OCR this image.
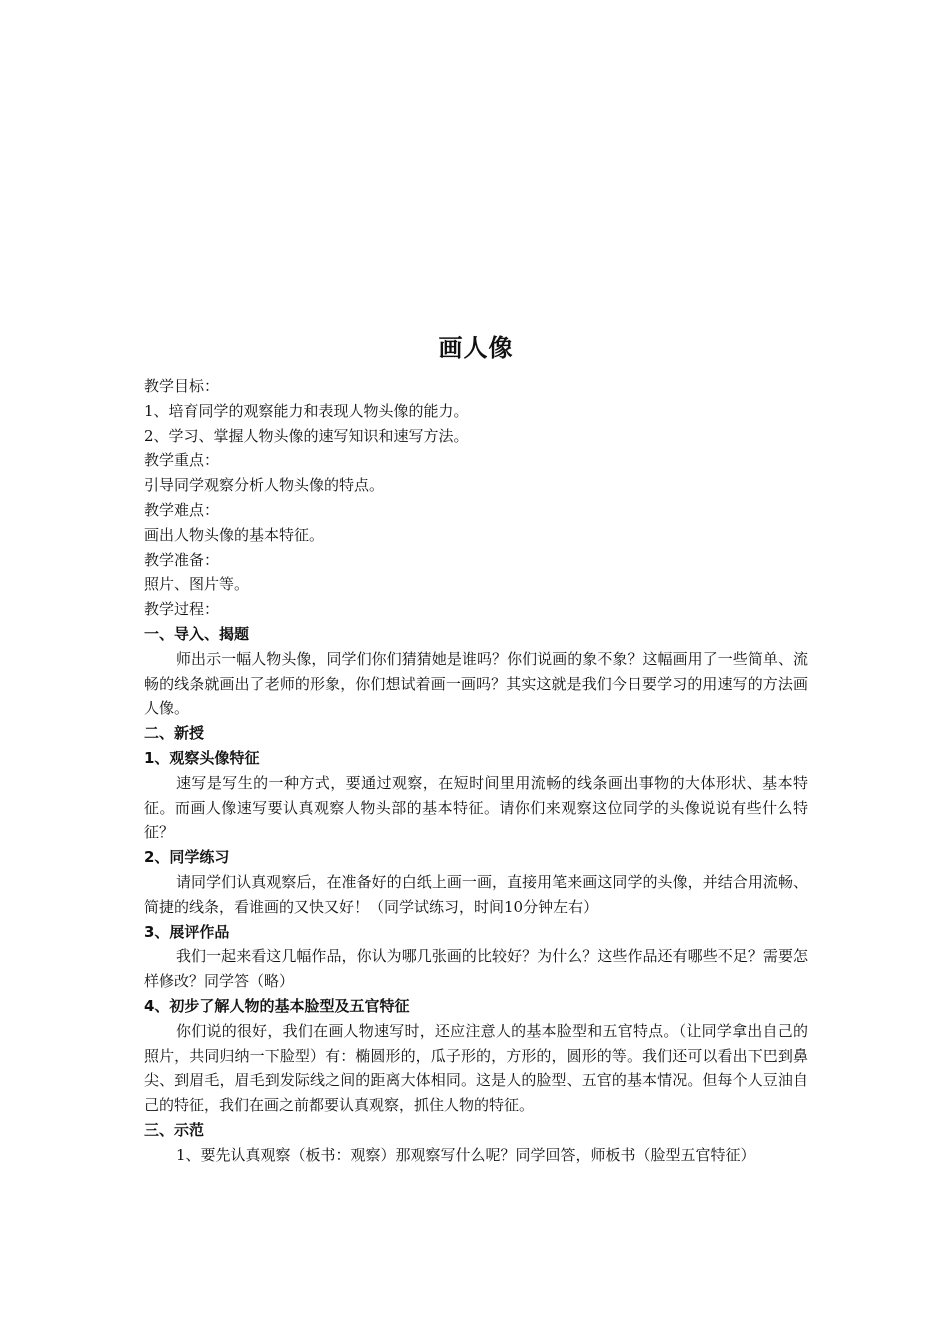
画人像

教学目标：

1、培育同学的观察能力和表现人物头像的能力。

2、学习、掌握人物头像的速写知识和速写方法。

教学重点：

引导同学观察分析人物头像的特点。

教学难点：

画出人物头像的基本特征。

教学准备：

照片、图片等。

教学过程：

一、导入、揭题

师出示一幅人物头像，同学们你们猜猜她是谁吗？你们说画的象不象？这幅画用了一些简单、流畅的线条就画出了老师的形象，你们想试着画一画吗？其实这就是我们今日要学习的用速写的方法画人像。

二、新授

1、观察头像特征

速写是写生的一种方式，要通过观察，在短时间里用流畅的线条画出事物的大体形状、基本特征。而画人像速写要认真观察人物头部的基本特征。请你们来观察这位同学的头像说说有些什么特征？

2、同学练习

请同学们认真观察后，在准备好的白纸上画一画，直接用笔来画这同学的头像，并结合用流畅、简捷的线条，看谁画的又快又好！（同学试练习，时间10分钟左右）

3、展评作品

我们一起来看这几幅作品，你认为哪几张画的比较好？为什么？这些作品还有哪些不足？需要怎样修改？同学答（略）

4、初步了解人物的基本脸型及五官特征

你们说的很好，我们在画人物速写时，还应注意人的基本脸型和五官特点。（让同学拿出自己的照片，共同归纳一下脸型）有：椭圆形的，瓜子形的，方形的，圆形的等。我们还可以看出下巴到鼻尖、到眉毛，眉毛到发际线之间的距离大体相同。这是人的脸型、五官的基本情况。但每个人豆油自己的特征，我们在画之前都要认真观察，抓住人物的特征。

三、示范

1、要先认真观察（板书：观察）那观察写什么呢？同学回答，师板书（脸型五官特征）
